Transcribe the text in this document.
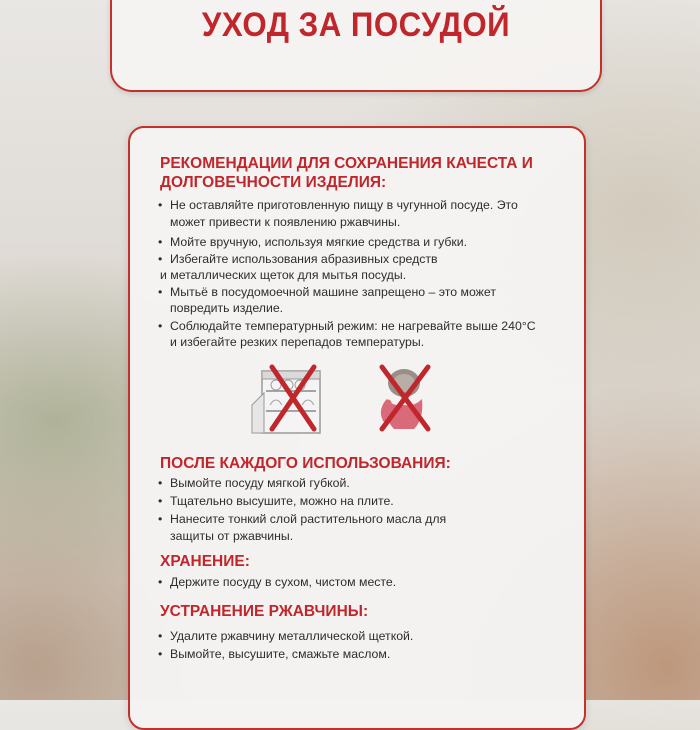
УХОД ЗА ПОСУДОЙ
РЕКОМЕНДАЦИИ ДЛЯ СОХРАНЕНИЯ КАЧЕСТА И
ДОЛГОВЕЧНОСТИ ИЗДЕЛИЯ:
• Не оставляйте приготовленную пищу в чугунной посуде. Это
может привести к появлению ржавчины.
• Мойте вручную, используя мягкие средства и губки.
• Избегайте использования абразивных средств
и металлических щеток для мытья посуды.
• Мытьё в посудомоечной машине запрещено – это может
повредить изделие.
• Соблюдайте температурный режим: не нагревайте выше 240°С
и избегайте резких перепадов температуры.
ПОСЛЕ КАЖДОГО ИСПОЛЬЗОВАНИЯ:
• Вымойте посуду мягкой губкой.
• Тщательно высушите, можно на плите.
• Нанесите тонкий слой растительного масла для
защиты от ржавчины.
ХРАНЕНИЕ:
• Держите посуду в сухом, чистом месте.
УСТРАНЕНИЕ РЖАВЧИНЫ:
• Удалите ржавчину металлической щеткой.
• Вымойте, высушите, смажьте маслом.
